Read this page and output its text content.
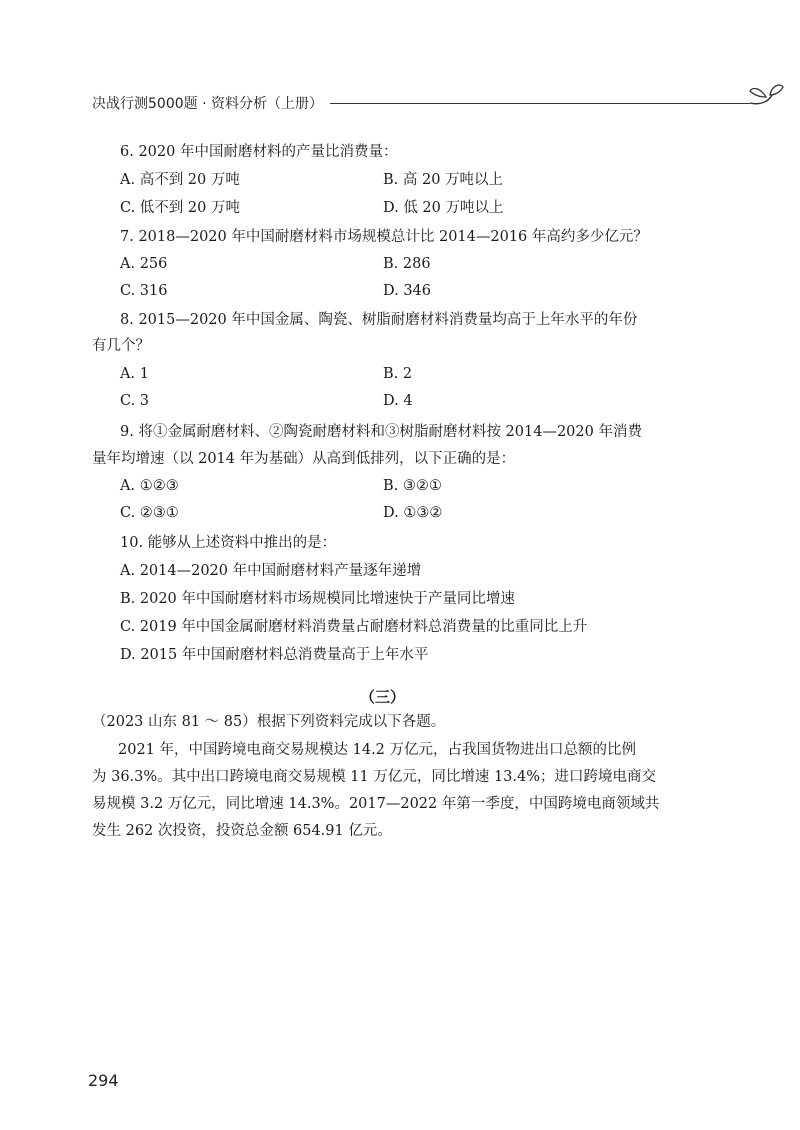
决战行测5000题 · 资料分析（上册）
6. 2020 年中国耐磨材料的产量比消费量：
A. 高不到 20 万吨	B. 高 20 万吨以上
C. 低不到 20 万吨	D. 低 20 万吨以上
7. 2018—2020 年中国耐磨材料市场规模总计比 2014—2016 年高约多少亿元？
A. 256	B. 286
C. 316	D. 346
8. 2015—2020 年中国金属、陶瓷、树脂耐磨材料消费量均高于上年水平的年份
有几个？
A. 1	B. 2
C. 3	D. 4
9. 将①金属耐磨材料、②陶瓷耐磨材料和③树脂耐磨材料按 2014—2020 年消费
量年均增速（以 2014 年为基础）从高到低排列，以下正确的是：
A. ①②③	B. ③②①
C. ②③①	D. ①③②
10. 能够从上述资料中推出的是：
A. 2014—2020 年中国耐磨材料产量逐年递增
B. 2020 年中国耐磨材料市场规模同比增速快于产量同比增速
C. 2019 年中国金属耐磨材料消费量占耐磨材料总消费量的比重同比上升
D. 2015 年中国耐磨材料总消费量高于上年水平
（三）
（2023 山东 81 ～ 85）根据下列资料完成以下各题。
2021 年，中国跨境电商交易规模达 14.2 万亿元，占我国货物进出口总额的比例
为 36.3%。其中出口跨境电商交易规模 11 万亿元，同比增速 13.4%；进口跨境电商交
易规模 3.2 万亿元，同比增速 14.3%。2017—2022 年第一季度，中国跨境电商领域共
发生 262 次投资，投资总金额 654.91 亿元。
294
